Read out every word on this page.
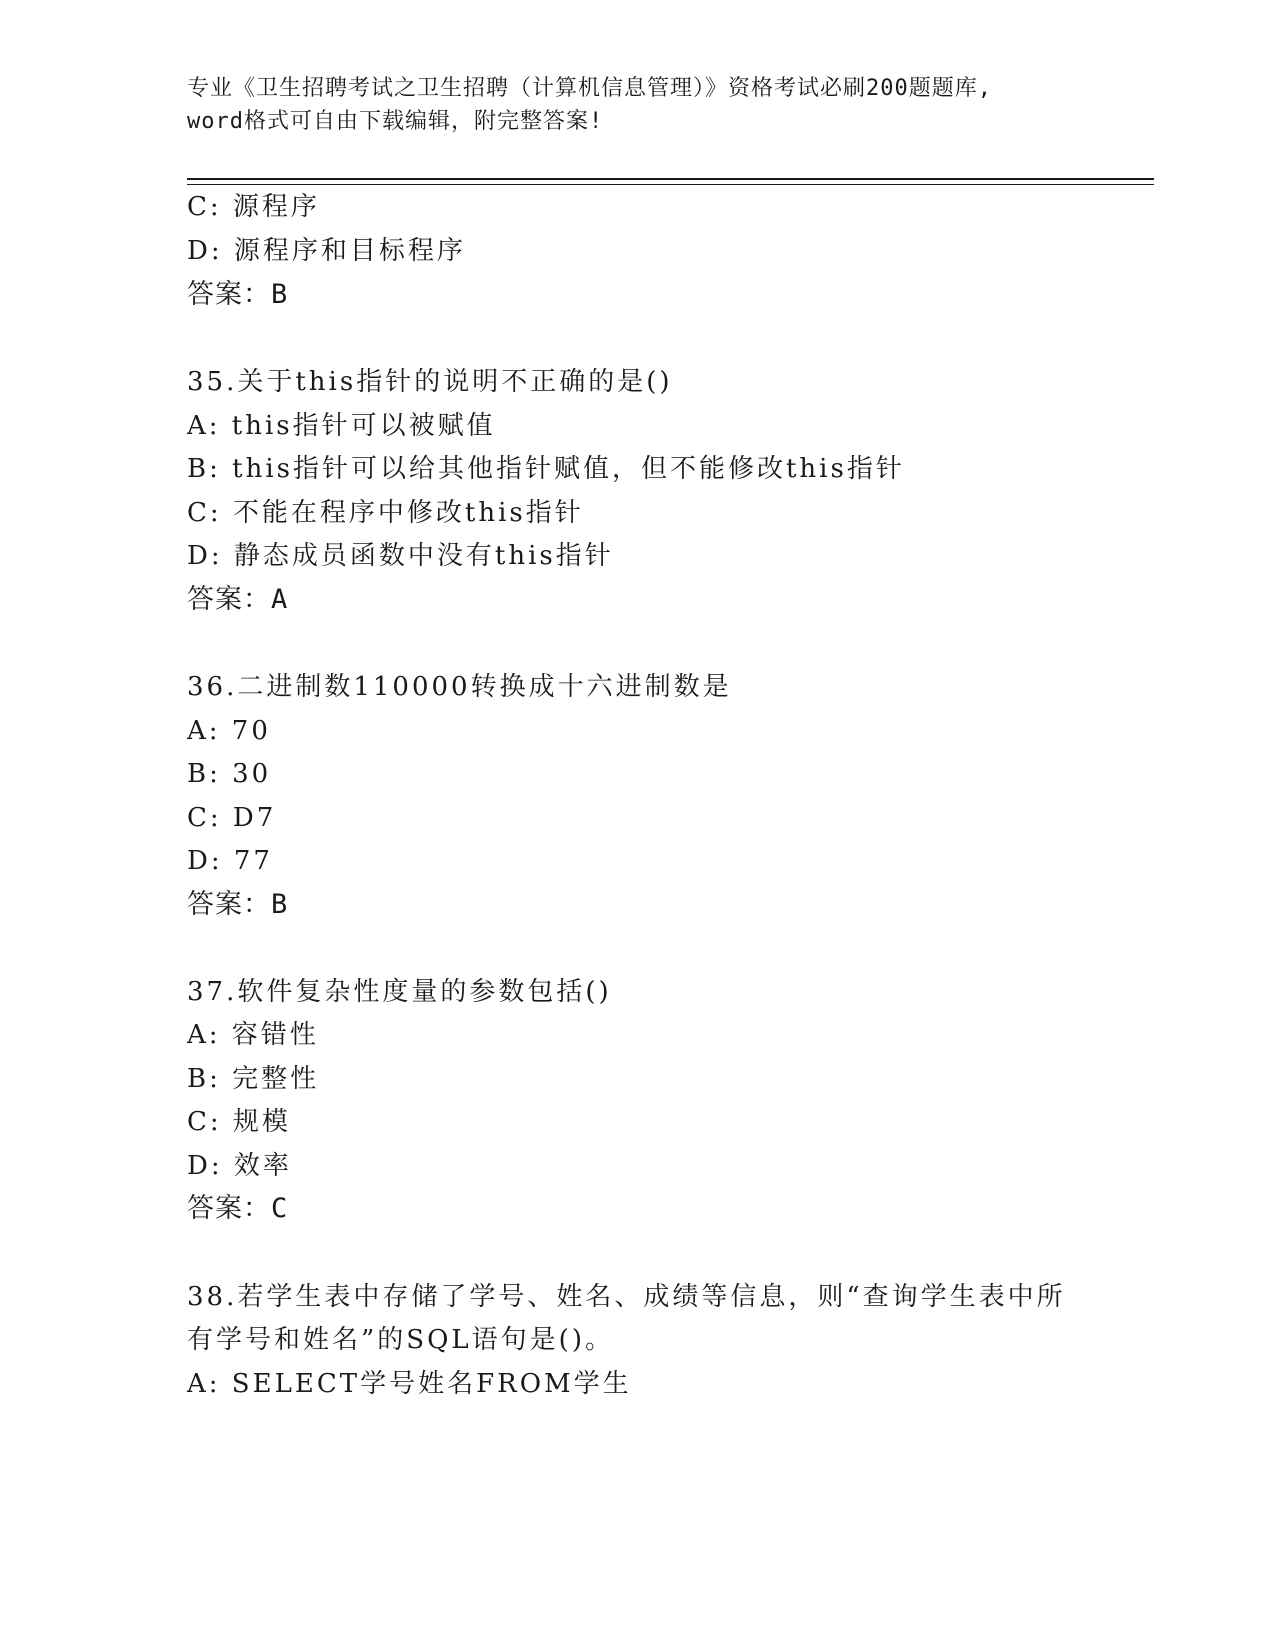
专业《卫生招聘考试之卫生招聘（计算机信息管理）》资格考试必刷200题题库,
word格式可自由下载编辑，附完整答案!
C: 源程序
D: 源程序和目标程序
答案：B
35.关于this指针的说明不正确的是()
A: this指针可以被赋值
B: this指针可以给其他指针赋值，但不能修改this指针
C: 不能在程序中修改this指针
D: 静态成员函数中没有this指针
答案：A
36.二进制数110000转换成十六进制数是
A: 70
B: 30
C: D7
D: 77
答案：B
37.软件复杂性度量的参数包括()
A: 容错性
B: 完整性
C: 规模
D: 效率
答案：C
38.若学生表中存储了学号、姓名、成绩等信息，则“查询学生表中所
有学号和姓名”的SQL语句是()。
A: SELECT学号姓名FROM学生
